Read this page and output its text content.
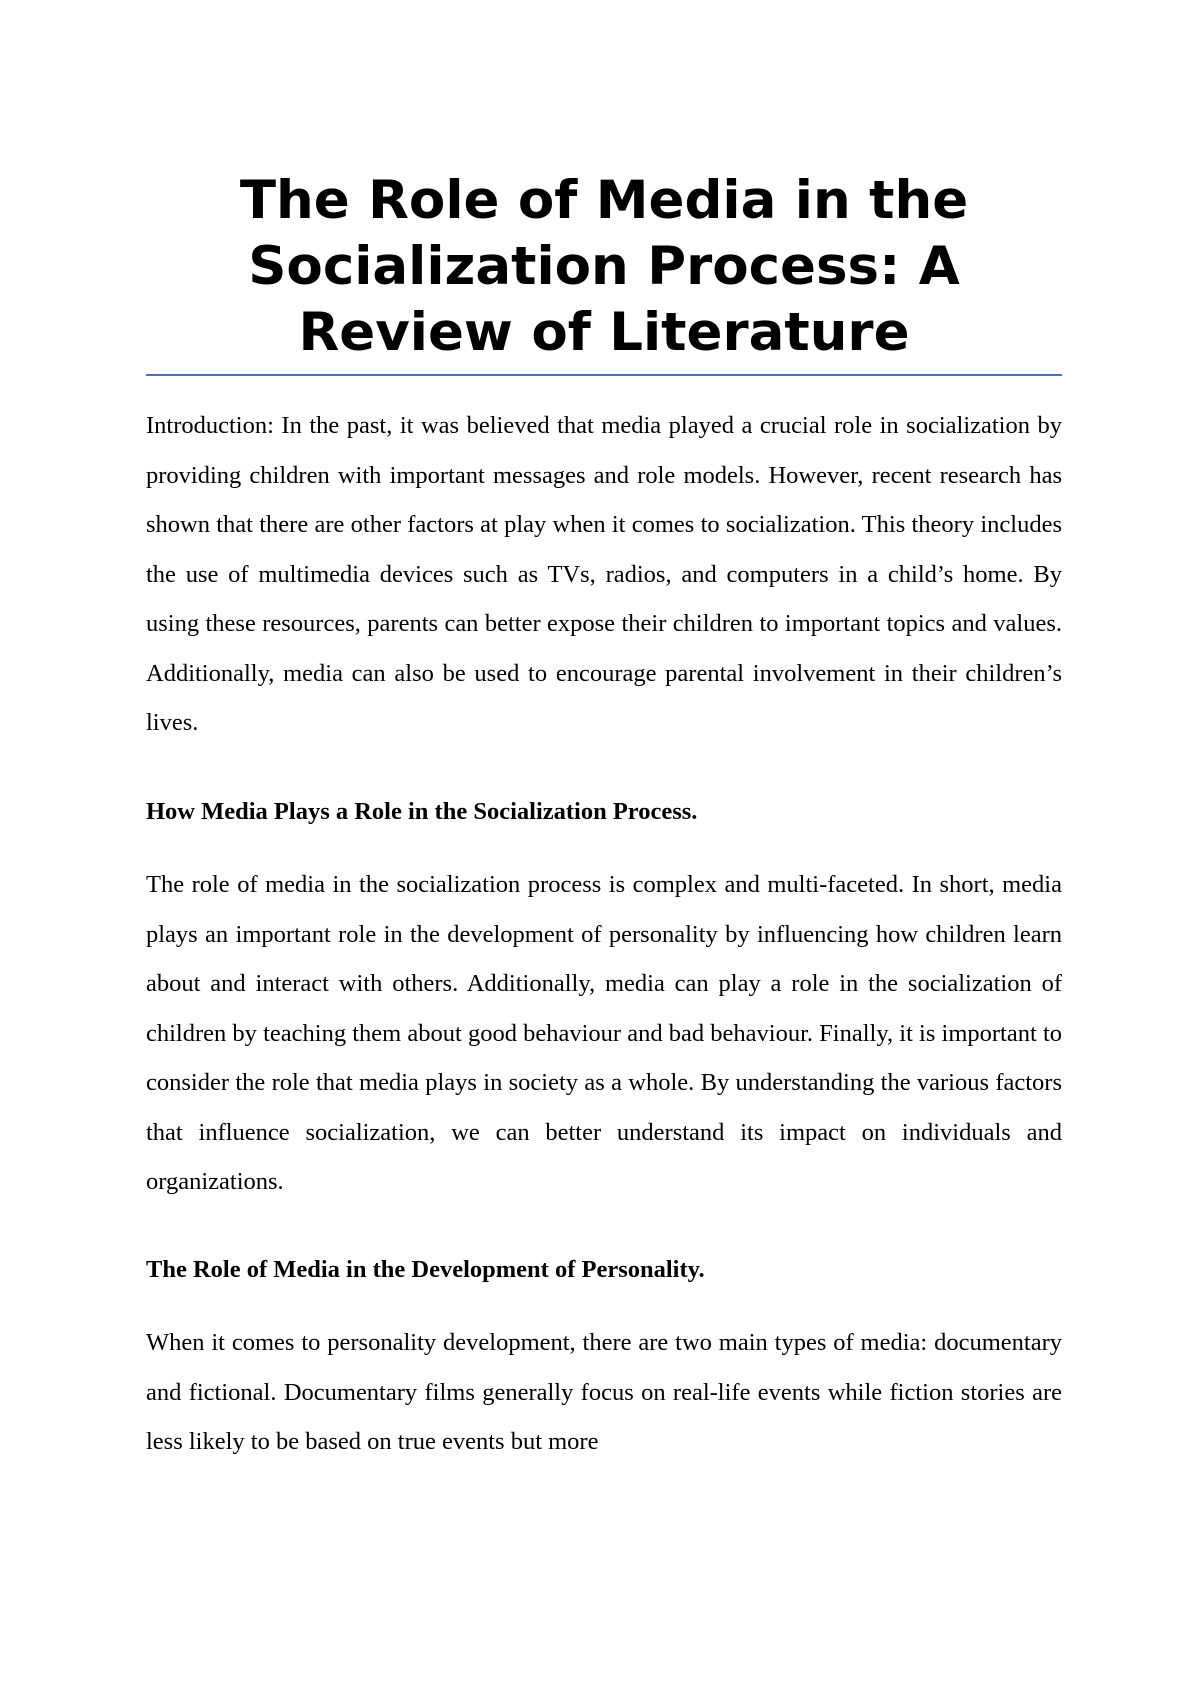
The Role of Media in the Socialization Process: A Review of Literature

Introduction: In the past, it was believed that media played a crucial role in socialization by providing children with important messages and role models. However, recent research has shown that there are other factors at play when it comes to socialization. This theory includes the use of multimedia devices such as TVs, radios, and computers in a child’s home. By using these resources, parents can better expose their children to important topics and values. Additionally, media can also be used to encourage parental involvement in their children’s lives.

How Media Plays a Role in the Socialization Process.

The role of media in the socialization process is complex and multi-faceted. In short, media plays an important role in the development of personality by influencing how children learn about and interact with others. Additionally, media can play a role in the socialization of children by teaching them about good behaviour and bad behaviour. Finally, it is important to consider the role that media plays in society as a whole. By understanding the various factors that influence socialization, we can better understand its impact on individuals and organizations.

The Role of Media in the Development of Personality.

When it comes to personality development, there are two main types of media: documentary and fictional. Documentary films generally focus on real-life events while fiction stories are less likely to be based on true events but more
